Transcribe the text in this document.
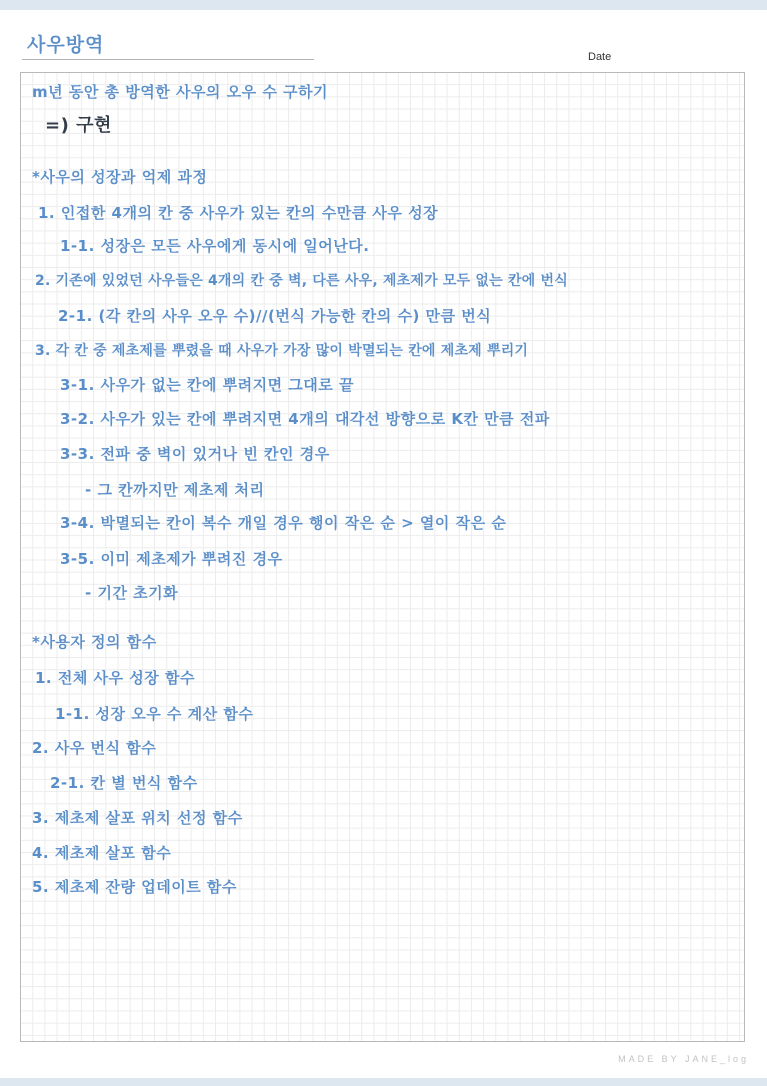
사우방역
Date
m년 동안 총 방역한 사우의 오우 수 구하기
=) 구현
*사우의 성장과 억제 과정
1. 인접한 4개의 칸 중 사우가 있는 칸의 수만큼 사우 성장
1-1. 성장은 모든 사우에게 동시에 일어난다.
2. 기존에 있었던 사우들은 4개의 칸 중 벽, 다른 사우, 제초제가 모두 없는 칸에 번식
2-1. (각 칸의 사우 오우 수)//(번식 가능한 칸의 수) 만큼 번식
3. 각 칸 중 제초제를 뿌렸을 때 사우가 가장 많이 박멸되는 칸에 제초제 뿌리기
3-1. 사우가 없는 칸에 뿌려지면 그대로 끝
3-2. 사우가 있는 칸에 뿌려지면 4개의 대각선 방향으로 K칸 만큼 전파
3-3. 전파 중 벽이 있거나 빈 칸인 경우
- 그 칸까지만 제초제 처리
3-4. 박멸되는 칸이 복수 개일 경우 행이 작은 순 > 열이 작은 순
3-5. 이미 제초제가 뿌려진 경우
- 기간 초기화
*사용자 정의 함수
1. 전체 사우 성장 함수
1-1. 성장 오우 수 계산 함수
2. 사우 번식 함수
2-1. 칸 별 번식 함수
3. 제초제 살포 위치 선정 함수
4. 제초제 살포 함수
5. 제초제 잔량 업데이트 함수
MADE BY JANE_log
